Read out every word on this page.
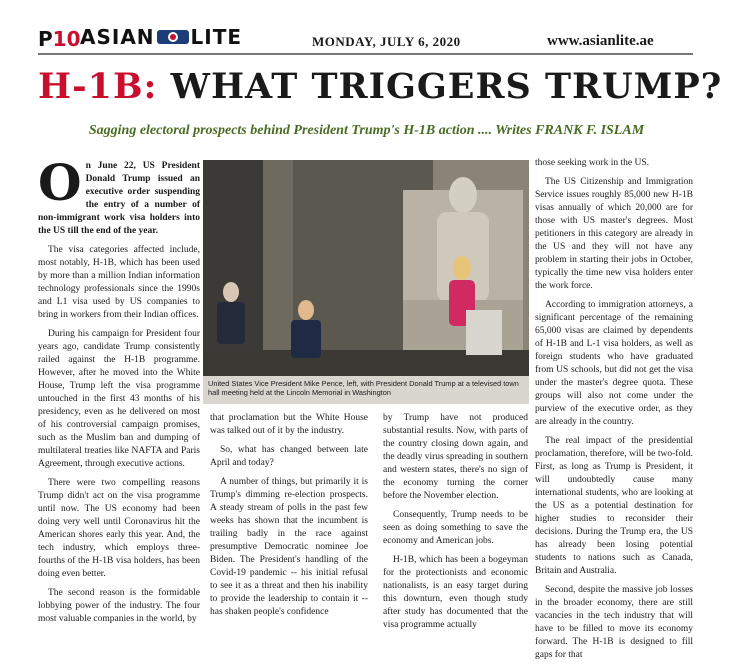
P10 ASIAN LITE	MONDAY, JULY 6, 2020	www.asianlite.ae
H-1B: WHAT TRIGGERS TRUMP?
Sagging electoral prospects behind President Trump's H-1B action .... Writes FRANK F. ISLAM

On June 22, US President Donald Trump issued an executive order suspending the entry of a number of non-immigrant work visa holders into the US till the end of the year.

The visa categories affected include, most notably, H-1B, which has been used by more than a million Indian information technology professionals since the 1990s and L1 visa used by US companies to bring in workers from their Indian offices.

During his campaign for President four years ago, candidate Trump consistently railed against the H-1B programme. However, after he moved into the White House, Trump left the visa programme untouched in the first 43 months of his presidency, even as he delivered on most of his controversial campaign promises, such as the Muslim ban and dumping of multilateral treaties like NAFTA and Paris Agreement, through executive actions.

There were two compelling reasons Trump didn't act on the visa programme until now. The US economy had been doing very well until Coronavirus hit the American shores early this year. And, the tech industry, which employs three-fourths of the H-1B visa holders, has been doing even better.

The second reason is the formidable lobbying power of the industry. The four most valuable companies in the world, by

United States Vice President Mike Pence, left, with President Donald Trump at a televised town hall meeting held at the Lincoln Memorial in Washington

that proclamation but the White House was talked out of it by the industry.

So, what has changed between late April and today?

A number of things, but primarily it is Trump's dimming re-election prospects. A steady stream of polls in the past few weeks has shown that the incumbent is trailing badly in the race against presumptive Democratic nominee Joe Biden. The President's handling of the Covid-19 pandemic -- his initial refusal to see it as a threat and then his inability to provide the leadership to contain it -- has shaken people's confidence

by Trump have not produced substantial results. Now, with parts of the country closing down again, and the deadly virus spreading in southern and western states, there's no sign of the economy turning the corner before the November election.

Consequently, Trump needs to be seen as doing something to save the economy and American jobs.

H-1B, which has been a bogeyman for the protectionists and economic nationalists, is an easy target during this downturn, even though study after study has documented that the visa programme actually

those seeking work in the US.

The US Citizenship and Immigration Service issues roughly 85,000 new H-1B visas annually of which 20,000 are for those with US master's degrees. Most petitioners in this category are already in the US and they will not have any problem in starting their jobs in October, typically the time new visa holders enter the work force.

According to immigration attorneys, a significant percentage of the remaining 65,000 visas are claimed by dependents of H-1B and L-1 visa holders, as well as foreign students who have graduated from US schools, but did not get the visa under the master's degree quota. These groups will also not come under the purview of the executive order, as they are already in the country.

The real impact of the presidential proclamation, therefore, will be two-fold. First, as long as Trump is President, it will undoubtedly cause many international students, who are looking at the US as a potential destination for higher studies to reconsider their decisions. During the Trump era, the US has already been losing potential students to nations such as Canada, Britain and Australia.

Second, despite the massive job losses in the broader economy, there are still vacancies in the tech industry that will have to be filled to move its economy forward. The H-1B is designed to fill gaps for that
